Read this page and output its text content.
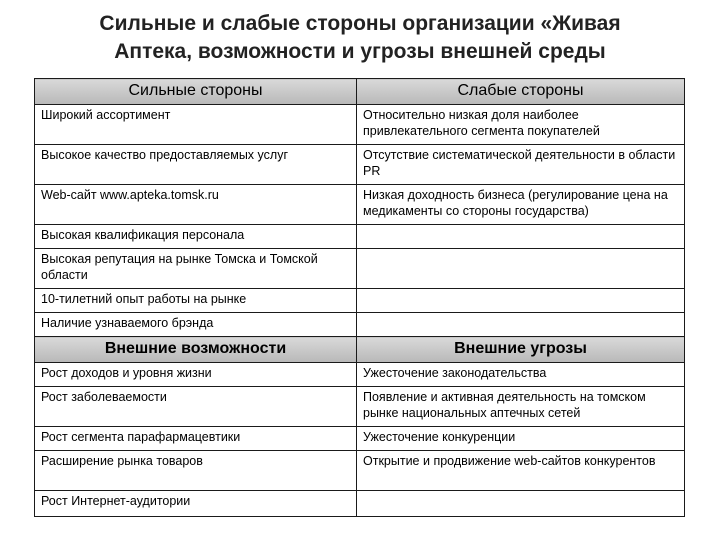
Сильные и слабые стороны организации «Живая
Аптека, возможности и угрозы внешней среды
Сильные стороны	Слабые стороны
Широкий ассортимент	Относительно низкая доля наиболее привлекательного сегмента покупателей
Высокое качество предоставляемых услуг	Отсутствие систематической деятельности в области PR
Web-сайт www.apteka.tomsk.ru	Низкая доходность бизнеса (регулирование цена на медикаменты со стороны государства)
Высокая квалификация персонала	
Высокая репутация на рынке Томска и Томской области	
10-тилетний опыт работы на рынке	
Наличие узнаваемого брэнда	
Внешние возможности	Внешние угрозы
Рост доходов и уровня жизни	Ужесточение законодательства
Рост заболеваемости	Появление и активная деятельность на томском рынке национальных аптечных сетей
Рост сегмента парафармацевтики	Ужесточение конкуренции
Расширение рынка товаров	Открытие и продвижение web-сайтов конкурентов
Рост Интернет-аудитории	
